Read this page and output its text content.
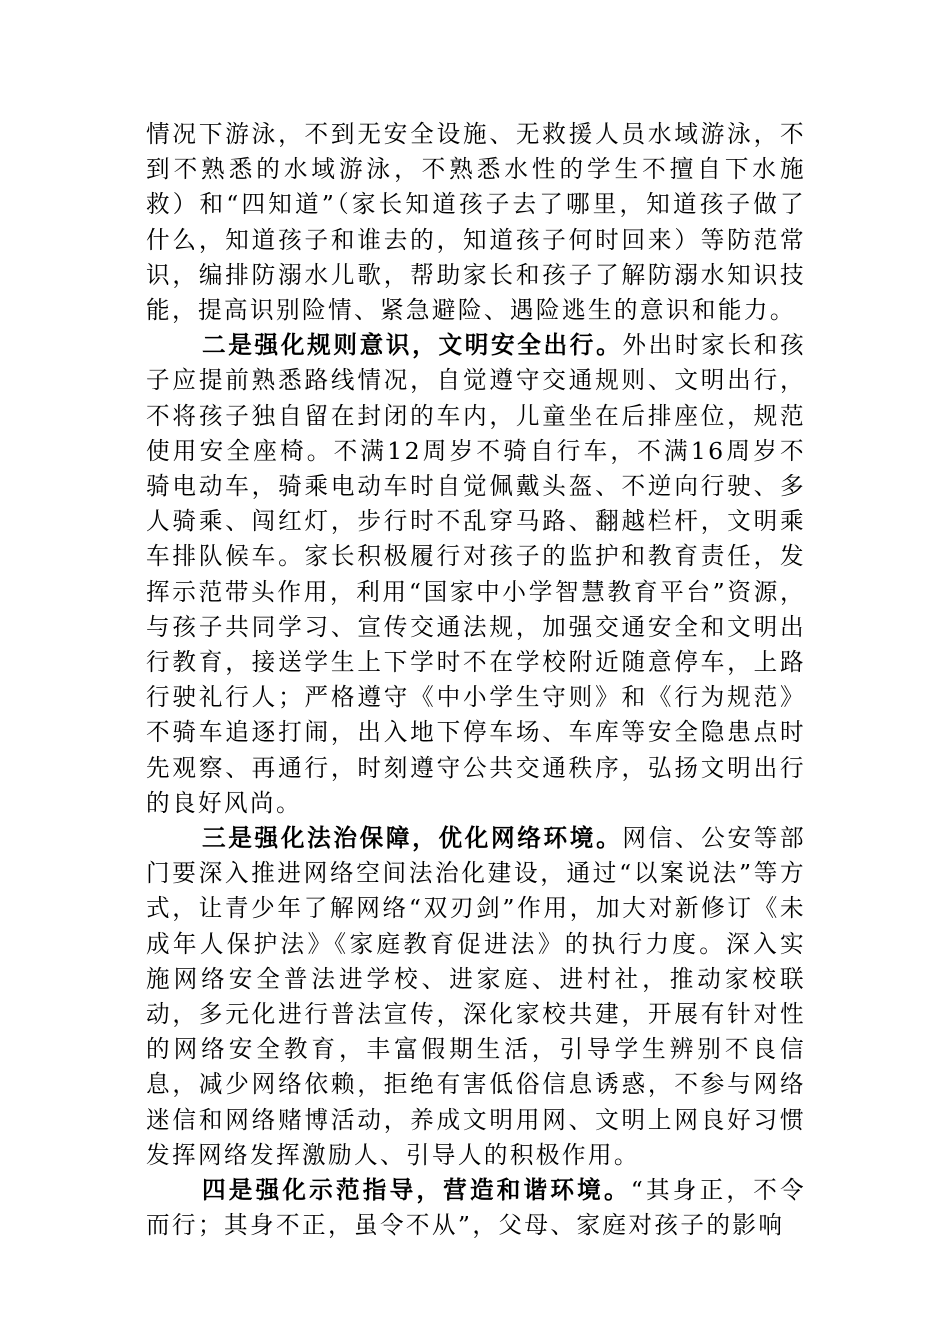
情况下游泳，不到无安全设施、无救援人员水域游泳，不到不熟悉的水域游泳，不熟悉水性的学生不擅自下水施救）和“四知道”（家长知道孩子去了哪里，知道孩子做了什么，知道孩子和谁去的，知道孩子何时回来）等防范常识，编排防溺水儿歌，帮助家长和孩子了解防溺水知识技能，提高识别险情、紧急避险、遇险逃生的意识和能力。

二是强化规则意识，文明安全出行。外出时家长和孩子应提前熟悉路线情况，自觉遵守交通规则、文明出行，不将孩子独自留在封闭的车内，儿童坐在后排座位，规范使用安全座椅。不满12周岁不骑自行车，不满16周岁不骑电动车，骑乘电动车时自觉佩戴头盔、不逆向行驶、多人骑乘、闯红灯，步行时不乱穿马路、翻越栏杆，文明乘车排队候车。家长积极履行对孩子的监护和教育责任，发挥示范带头作用，利用“国家中小学智慧教育平台”资源，与孩子共同学习、宣传交通法规，加强交通安全和文明出行教育，接送学生上下学时不在学校附近随意停车，上路行驶礼行人；严格遵守《中小学生守则》和《行为规范》不骑车追逐打闹，出入地下停车场、车库等安全隐患点时先观察、再通行，时刻遵守公共交通秩序，弘扬文明出行的良好风尚。

三是强化法治保障，优化网络环境。网信、公安等部门要深入推进网络空间法治化建设，通过“以案说法”等方式，让青少年了解网络“双刃剑”作用，加大对新修订《未成年人保护法》《家庭教育促进法》的执行力度。深入实施网络安全普法进学校、进家庭、进村社，推动家校联动，多元化进行普法宣传，深化家校共建，开展有针对性的网络安全教育，丰富假期生活，引导学生辨别不良信息，减少网络依赖，拒绝有害低俗信息诱惑，不参与网络迷信和网络赌博活动，养成文明用网、文明上网良好习惯发挥网络发挥激励人、引导人的积极作用。

四是强化示范指导，营造和谐环境。“其身正，不令而行；其身不正，虽令不从”，父母、家庭对孩子的影响
